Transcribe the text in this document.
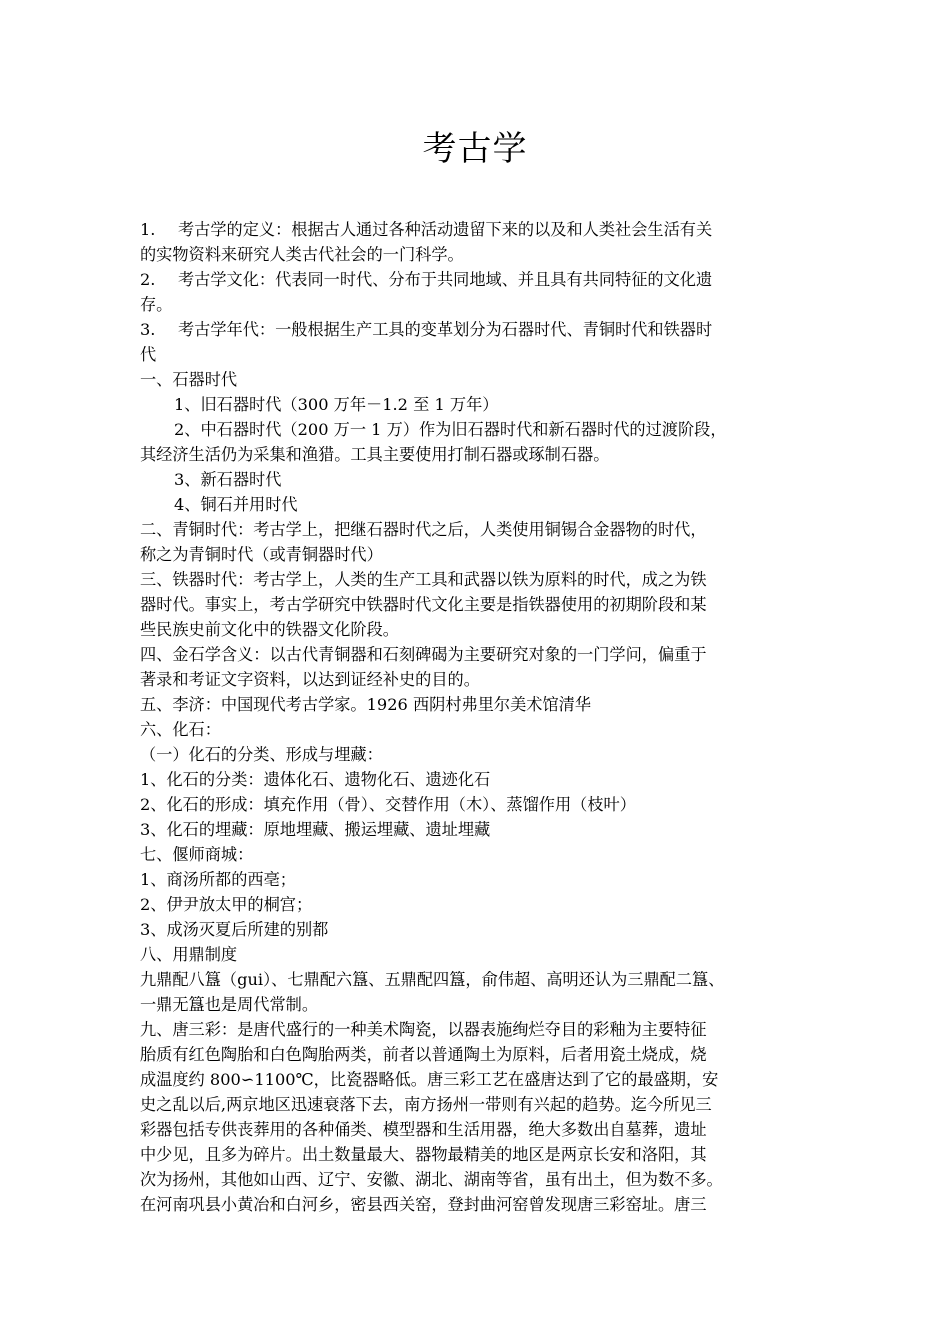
考古学

1. 考古学的定义：根据古人通过各种活动遗留下来的以及和人类社会生活有关

的实物资料来研究人类古代社会的一门科学。

2. 考古学文化：代表同一时代、分布于共同地域、并且具有共同特征的文化遗

存。

3. 考古学年代：一般根据生产工具的变革划分为石器时代、青铜时代和铁器时

代

一、石器时代

1、旧石器时代（300 万年－1.2 至 1 万年）

2、中石器时代（200 万一 1 万）作为旧石器时代和新石器时代的过渡阶段，

其经济生活仍为采集和渔猎。工具主要使用打制石器或琢制石器。

3、新石器时代

4、铜石并用时代

二、青铜时代：考古学上，把继石器时代之后，人类使用铜锡合金器物的时代，

称之为青铜时代（或青铜器时代）

三、铁器时代：考古学上，人类的生产工具和武器以铁为原料的时代，成之为铁

器时代。事实上，考古学研究中铁器时代文化主要是指铁器使用的初期阶段和某

些民族史前文化中的铁器文化阶段。

四、金石学含义：以古代青铜器和石刻碑碣为主要研究对象的一门学问，偏重于

著录和考证文字资料，以达到证经补史的目的。

五、李济：中国现代考古学家。1926 西阴村弗里尔美术馆清华

六、化石：

（一）化石的分类、形成与埋藏：

1、化石的分类：遗体化石、遗物化石、遗迹化石

2、化石的形成：填充作用（骨）、交替作用（木）、蒸馏作用（枝叶）

3、化石的埋藏：原地埋藏、搬运埋藏、遗址埋藏

七、偃师商城：

1、商汤所都的西亳；

2、伊尹放太甲的桐宫；

3、成汤灭夏后所建的别都

八、用鼎制度

九鼎配八簋（gui）、七鼎配六簋、五鼎配四簋，俞伟超、高明还认为三鼎配二簋、

一鼎无簋也是周代常制。

九、唐三彩：是唐代盛行的一种美术陶瓷，以器表施绚烂夺目的彩釉为主要特征

胎质有红色陶胎和白色陶胎两类，前者以普通陶土为原料，后者用瓷土烧成，烧

成温度约 800∽1100℃，比瓷器略低。唐三彩工艺在盛唐达到了它的最盛期，安

史之乱以后,两京地区迅速衰落下去，南方扬州一带则有兴起的趋势。迄今所见三

彩器包括专供丧葬用的各种俑类、模型器和生活用器，绝大多数出自墓葬，遗址

中少见，且多为碎片。出土数量最大、器物最精美的地区是两京长安和洛阳，其

次为扬州，其他如山西、辽宁、安徽、湖北、湖南等省，虽有出土，但为数不多。

在河南巩县小黄冶和白河乡，密县西关窑，登封曲河窑曾发现唐三彩窑址。唐三
